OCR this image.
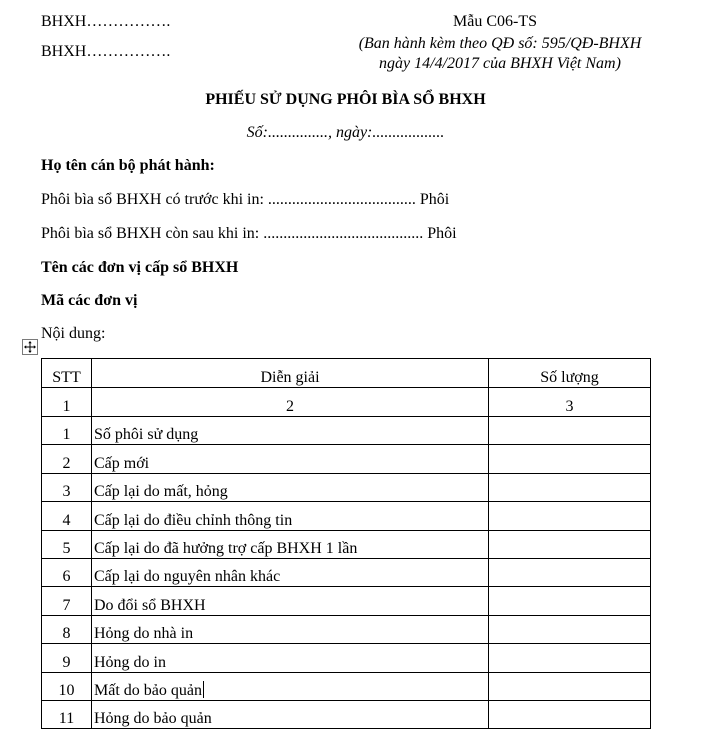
BHXH…………….
BHXH…………….
Mẫu C06-TS
(Ban hành kèm theo QĐ số: 595/QĐ-BHXH
ngày 14/4/2017 của BHXH Việt Nam)
PHIẾU SỬ DỤNG PHÔI BÌA SỔ BHXH
Số:..............., ngày:..................
Họ tên cán bộ phát hành:
Phôi bìa sổ BHXH có trước khi in: ..................................... Phôi
Phôi bìa sổ BHXH còn sau khi in: ........................................ Phôi
Tên các đơn vị cấp sổ BHXH
Mã các đơn vị
Nội dung:
STT	Diễn giải	Số lượng
1	2	3
1	Số phôi sử dụng	
2	Cấp mới	
3	Cấp lại do mất, hỏng	
4	Cấp lại do điều chỉnh thông tin	
5	Cấp lại do đã hưởng trợ cấp BHXH 1 lần	
6	Cấp lại do nguyên nhân khác	
7	Do đổi sổ BHXH	
8	Hỏng do nhà in	
9	Hỏng do in	
10	Mất do bảo quản	
11	Hỏng do bảo quản	
